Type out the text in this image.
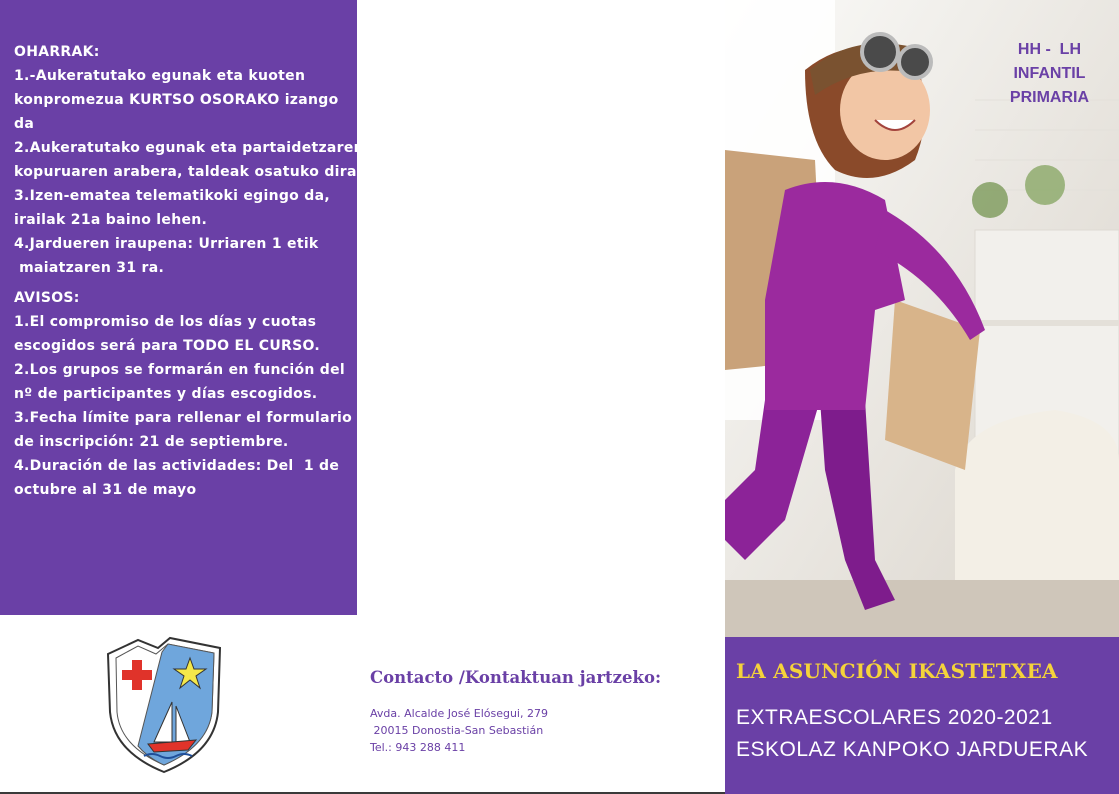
OHARRAK:

1.-Aukeratutako egunak eta kuoten

konpromezua KURTSO OSORAKO izango

da

2.Aukeratutako egunak eta partaidetzaren

kopuruaren arabera, taldeak osatuko dira.

3.Izen-ematea telematikoki egingo da,

irailak 21a baino lehen.

4.Jardueren iraupena: Urriaren 1 etik

maiatzaren 31 ra.

AVISOS:

1.El compromiso de los días y cuotas

escogidos será para TODO EL CURSO.

2.Los grupos se formarán en función del

nº de participantes y días escogidos.

3.Fecha límite para rellenar el formulario

de inscripción: 21 de septiembre.

4.Duración de las actividades: Del  1 de

octubre al 31 de mayo

Contacto /Kontaktuan jartzeko:

Avda. Alcalde José Elósegui, 279

20015 Donostia-San Sebastián

Tel.: 943 288 411

HH -  LH
INFANTIL
PRIMARIA

LA ASUNCIÓN IKASTETXEA

EXTRAESCOLARES 2020-2021

ESKOLAZ KANPOKO JARDUERAK
